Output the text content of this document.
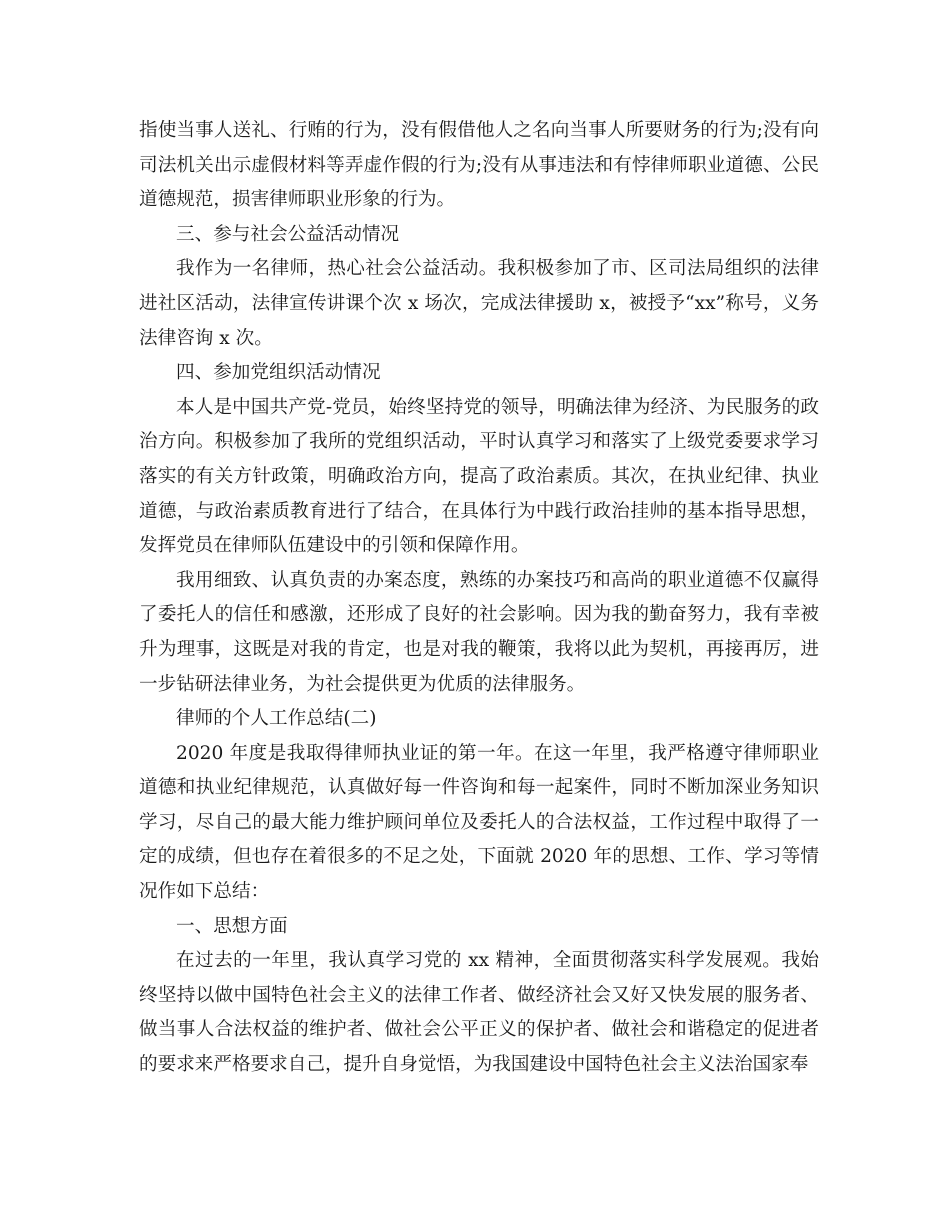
指使当事人送礼、行贿的行为，没有假借他人之名向当事人所要财务的行为;没有向司法机关出示虚假材料等弄虚作假的行为;没有从事违法和有悖律师职业道德、公民道德规范，损害律师职业形象的行为。

三、参与社会公益活动情况

我作为一名律师，热心社会公益活动。我积极参加了市、区司法局组织的法律进社区活动，法律宣传讲课个次 x 场次，完成法律援助 x，被授予“xx”称号，义务法律咨询 x 次。

四、参加党组织活动情况

本人是中国共产党-党员，始终坚持党的领导，明确法律为经济、为民服务的政治方向。积极参加了我所的党组织活动，平时认真学习和落实了上级党委要求学习落实的有关方针政策，明确政治方向，提高了政治素质。其次，在执业纪律、执业道德，与政治素质教育进行了结合，在具体行为中践行政治挂帅的基本指导思想，发挥党员在律师队伍建设中的引领和保障作用。

我用细致、认真负责的办案态度，熟练的办案技巧和高尚的职业道德不仅赢得了委托人的信任和感激，还形成了良好的社会影响。因为我的勤奋努力，我有幸被升为理事，这既是对我的肯定，也是对我的鞭策，我将以此为契机，再接再厉，进一步钻研法律业务，为社会提供更为优质的法律服务。

律师的个人工作总结(二)

2020 年度是我取得律师执业证的第一年。在这一年里，我严格遵守律师职业道德和执业纪律规范，认真做好每一件咨询和每一起案件，同时不断加深业务知识学习，尽自己的最大能力维护顾问单位及委托人的合法权益，工作过程中取得了一定的成绩，但也存在着很多的不足之处，下面就 2020 年的思想、工作、学习等情况作如下总结：

一、思想方面

在过去的一年里，我认真学习党的 xx 精神，全面贯彻落实科学发展观。我始终坚持以做中国特色社会主义的法律工作者、做经济社会又好又快发展的服务者、做当事人合法权益的维护者、做社会公平正义的保护者、做社会和谐稳定的促进者的要求来严格要求自己，提升自身觉悟，为我国建设中国特色社会主义法治国家奉
